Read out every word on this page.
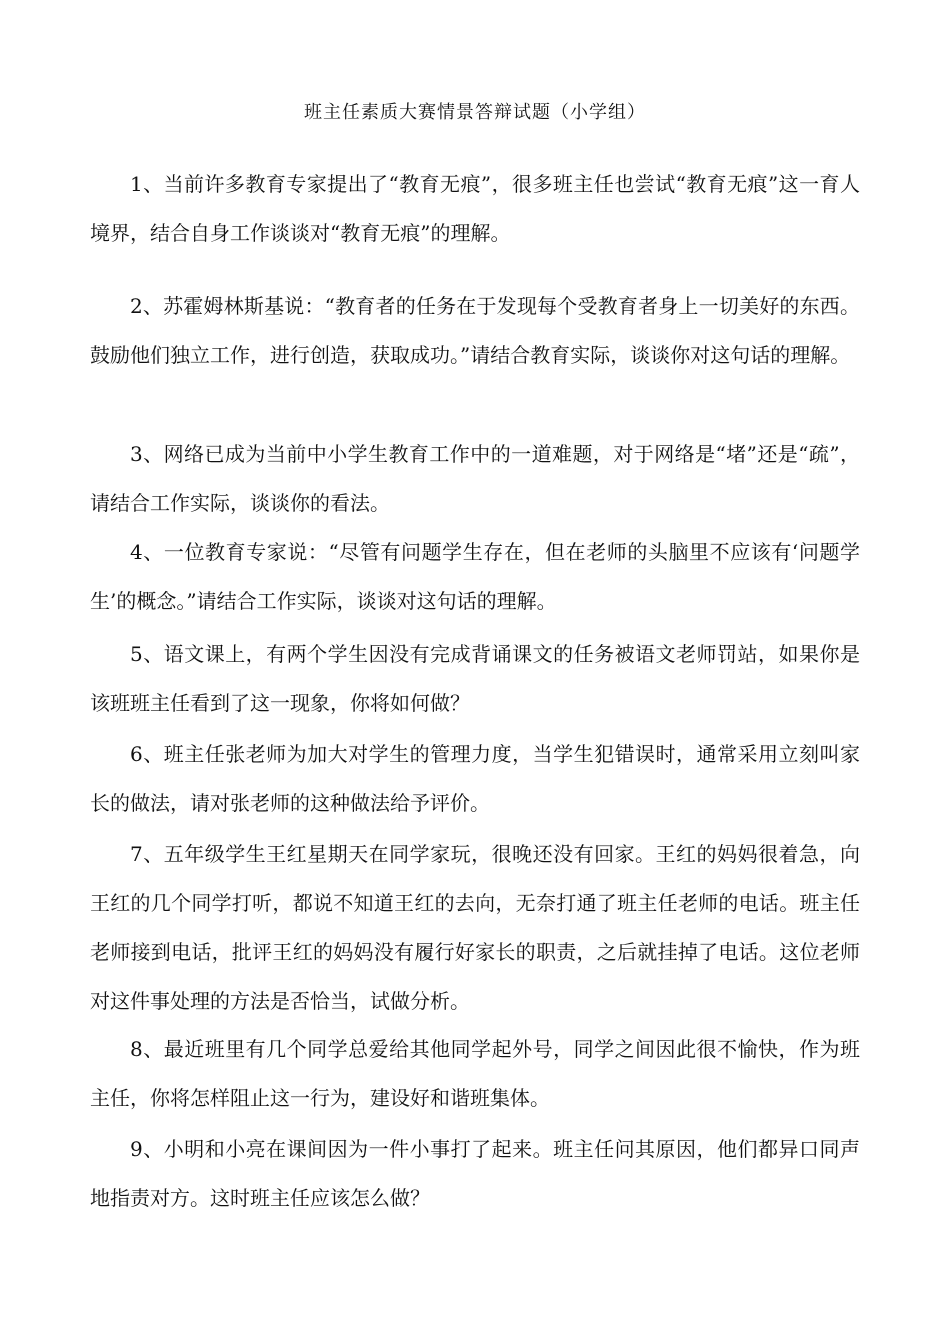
班主任素质大赛情景答辩试题（小学组）

1、当前许多教育专家提出了“教育无痕”，很多班主任也尝试“教育无痕”这一育人境界，结合自身工作谈谈对“教育无痕”的理解。

2、苏霍姆林斯基说：“教育者的任务在于发现每个受教育者身上一切美好的东西。鼓励他们独立工作，进行创造，获取成功。”请结合教育实际，谈谈你对这句话的理解。

3、网络已成为当前中小学生教育工作中的一道难题，对于网络是“堵”还是“疏”，请结合工作实际，谈谈你的看法。

4、一位教育专家说：“尽管有问题学生存在，但在老师的头脑里不应该有‘问题学生’的概念。”请结合工作实际，谈谈对这句话的理解。

5、语文课上，有两个学生因没有完成背诵课文的任务被语文老师罚站，如果你是该班班主任看到了这一现象，你将如何做？

6、班主任张老师为加大对学生的管理力度，当学生犯错误时，通常采用立刻叫家长的做法，请对张老师的这种做法给予评价。

7、五年级学生王红星期天在同学家玩，很晚还没有回家。王红的妈妈很着急，向王红的几个同学打听，都说不知道王红的去向，无奈打通了班主任老师的电话。班主任老师接到电话，批评王红的妈妈没有履行好家长的职责，之后就挂掉了电话。这位老师对这件事处理的方法是否恰当，试做分析。

8、最近班里有几个同学总爱给其他同学起外号，同学之间因此很不愉快，作为班主任，你将怎样阻止这一行为，建设好和谐班集体。

9、小明和小亮在课间因为一件小事打了起来。班主任问其原因，他们都异口同声地指责对方。这时班主任应该怎么做？
